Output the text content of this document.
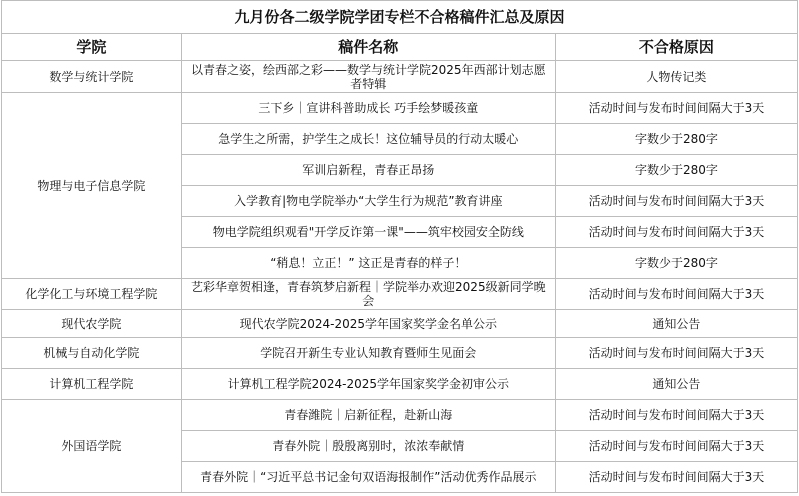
九月份各二级学院学团专栏不合格稿件汇总及原因		
学院	稿件名称	不合格原因
数学与统计学院	以青春之姿，绘西部之彩——数学与统计学院2025年西部计划志愿者特辑	人物传记类
物理与电子信息学院	三下乡｜宣讲科普助成长 巧手绘梦暖孩童	活动时间与发布时间间隔大于3天
	急学生之所需，护学生之成长！这位辅导员的行动太暖心	字数少于280字
	军训启新程，青春正昂扬	字数少于280字
	入学教育|物电学院举办“大学生行为规范”教育讲座	活动时间与发布时间间隔大于3天
	物电学院组织观看"开学反诈第一课"——筑牢校园安全防线	活动时间与发布时间间隔大于3天
	“稍息！立正！” 这正是青春的样子！	字数少于280字
化学化工与环境工程学院	艺彩华章贺相逢，青春筑梦启新程｜学院举办欢迎2025级新同学晚会	活动时间与发布时间间隔大于3天
现代农学院	现代农学院2024-2025学年国家奖学金名单公示	通知公告
机械与自动化学院	学院召开新生专业认知教育暨师生见面会	活动时间与发布时间间隔大于3天
计算机工程学院	计算机工程学院2024-2025学年国家奖学金初审公示	通知公告
外国语学院	青春潍院｜启新征程，赴新山海	活动时间与发布时间间隔大于3天
	青春外院｜殷殷离别时，浓浓奉献情	活动时间与发布时间间隔大于3天
	青春外院｜“习近平总书记金句双语海报制作”活动优秀作品展示	活动时间与发布时间间隔大于3天
